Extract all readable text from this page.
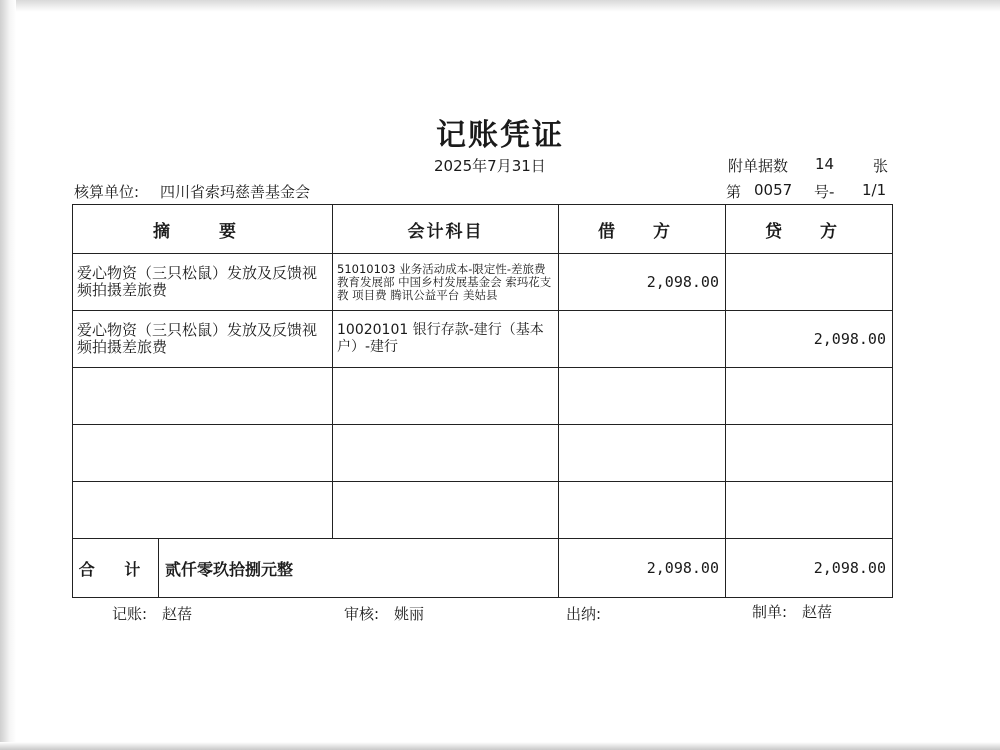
记账凭证
2025年7月31日	附单据数 14	张
核算单位: 四川省索玛慈善基金会	第 0057 号- 1/1
摘　要		会计科目	借 方	贷 方
爱心物资（三只松鼠）发放及反馈视频拍摄差旅费		51010103 业务活动成本-限定性-差旅费 教育发展部 中国乡村发展基金会 索玛花支教 项目费 腾讯公益平台 美姑县	2,098.00	
爱心物资（三只松鼠）发放及反馈视频拍摄差旅费		10020101 银行存款-建行（基本户）-建行		2,098.00

合 计	贰仟零玖拾捌元整		2,098.00	2,098.00
记账: 赵蓓	审核: 姚丽	出纳:	制单: 赵蓓
